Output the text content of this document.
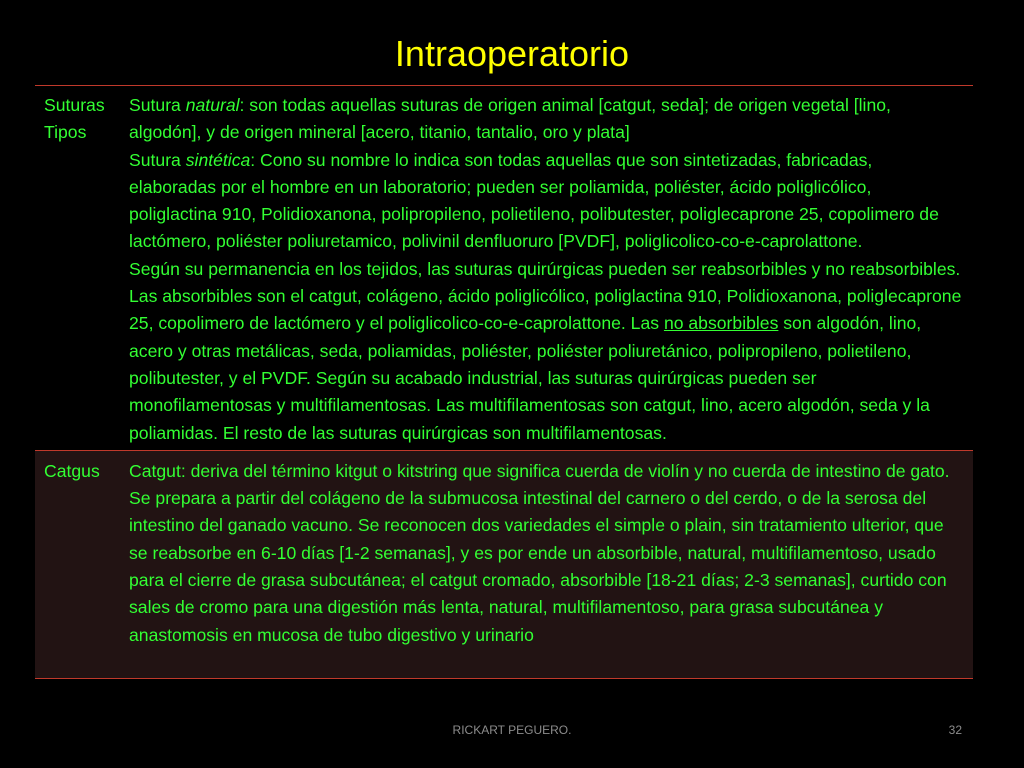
Intraoperatorio
Suturas
Tipos
Sutura natural: son todas aquellas suturas de origen animal [catgut, seda]; de origen vegetal [lino, algodón], y de origen mineral [acero, titanio, tantalio, oro y plata]
Sutura sintética: Cono su nombre lo indica son todas aquellas que son sintetizadas, fabricadas, elaboradas por el hombre en un laboratorio; pueden ser poliamida, poliéster, ácido poliglicólico, poliglactina 910, Polidioxanona, polipropileno, polietileno, polibutester, poliglecaprone 25, copolimero de lactómero, poliéster poliuretamico, polivinil denfluoruro [PVDF], poliglicolico-co-e-caprolattone.
Según su permanencia en los tejidos, las suturas quirúrgicas pueden ser reabsorbibles y no reabsorbibles. Las absorbibles son el catgut, colágeno, ácido poliglicólico, poliglactina 910, Polidioxanona, poliglecaprone 25, copolimero de lactómero y el poliglicolico-co-e-caprolattone. Las no absorbibles son algodón, lino, acero y otras metálicas, seda, poliamidas, poliéster, poliéster poliuretánico, polipropileno, polietileno, polibutester, y el PVDF. Según su acabado industrial, las suturas quirúrgicas pueden ser monofilamentosas y multifilamentosas. Las multifilamentosas son catgut, lino, acero algodón, seda y la poliamidas. El resto de las suturas quirúrgicas son multifilamentosas.
Catgus	Catgut: deriva del término kitgut o kitstring que significa cuerda de violín y no cuerda de intestino de gato. Se prepara a partir del colágeno de la submucosa intestinal del carnero o del cerdo, o de la serosa del intestino del ganado vacuno. Se reconocen dos variedades el simple o plain, sin tratamiento ulterior, que se reabsorbe en 6-10 días [1-2 semanas], y es por ende un absorbible, natural, multifilamentoso, usado para el cierre de grasa subcutánea; el catgut cromado, absorbible [18-21 días; 2-3 semanas], curtido con sales de cromo para una digestión más lenta, natural, multifilamentoso, para grasa subcutánea y anastomosis en mucosa de tubo digestivo y urinario
RICKART PEGUERO.	32
